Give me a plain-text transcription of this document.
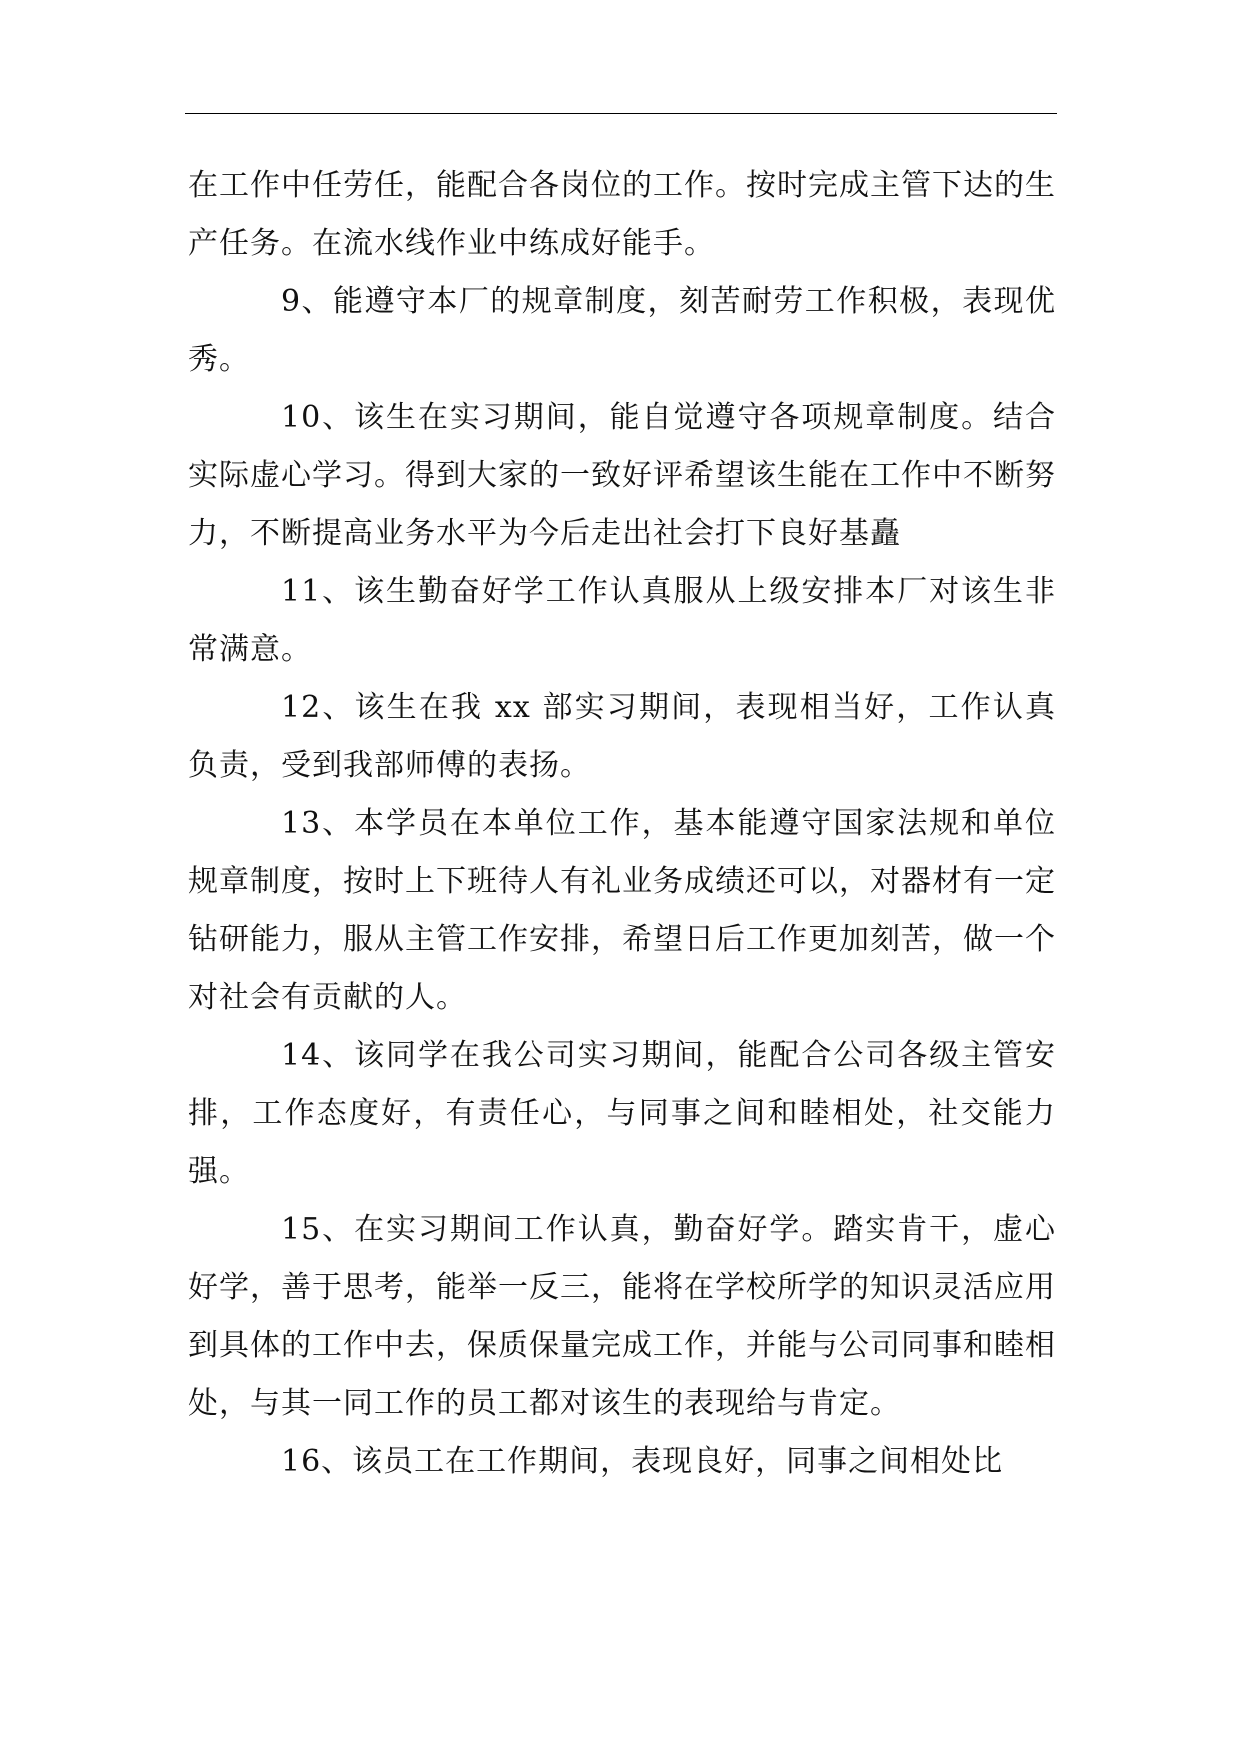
在工作中任劳任，能配合各岗位的工作。按时完成主管下达的生产任务。在流水线作业中练成好能手。

9、能遵守本厂的规章制度，刻苦耐劳工作积极，表现优秀。

10、该生在实习期间，能自觉遵守各项规章制度。结合实际虚心学习。得到大家的一致好评希望该生能在工作中不断努力，不断提高业务水平为今后走出社会打下良好基矗

11、该生勤奋好学工作认真服从上级安排本厂对该生非常满意。

12、该生在我 xx 部实习期间，表现相当好，工作认真负责，受到我部师傅的表扬。

13、本学员在本单位工作，基本能遵守国家法规和单位规章制度，按时上下班待人有礼业务成绩还可以，对器材有一定钻研能力，服从主管工作安排，希望日后工作更加刻苦，做一个对社会有贡献的人。

14、该同学在我公司实习期间，能配合公司各级主管安排，工作态度好，有责任心，与同事之间和睦相处，社交能力强。

15、在实习期间工作认真，勤奋好学。踏实肯干，虚心好学，善于思考，能举一反三，能将在学校所学的知识灵活应用到具体的工作中去，保质保量完成工作，并能与公司同事和睦相处，与其一同工作的员工都对该生的表现给与肯定。

16、该员工在工作期间，表现良好，同事之间相处比
